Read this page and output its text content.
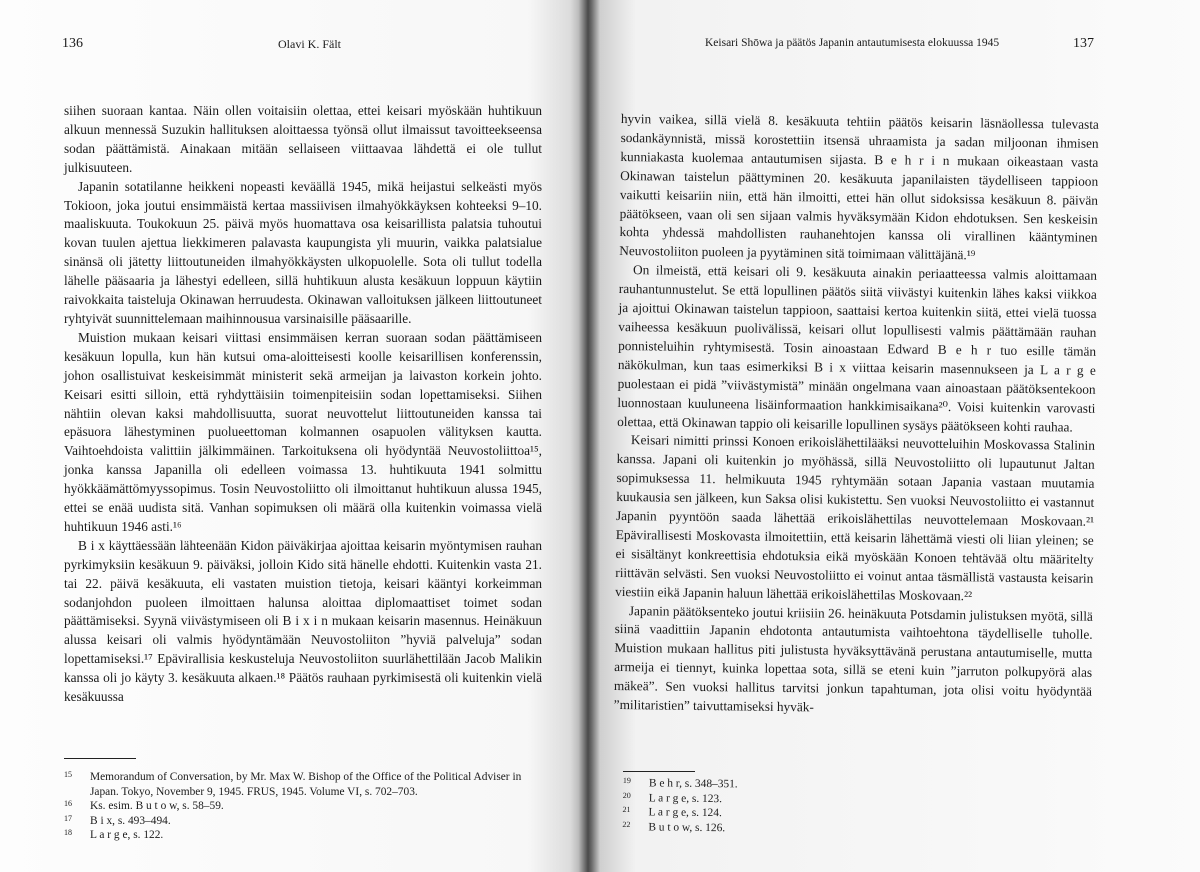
136	Olavi K. Fält

siihen suoraan kantaa. Näin ollen voitaisiin olettaa, ettei keisari myöskään huhtikuun alkuun mennessä Suzukin hallituksen aloittaessa työnsä ollut ilmaissut tavoitteekseensa sodan päättämistä. Ainakaan mitään sellaiseen viittaavaa lähdettä ei ole tullut julkisuuteen.

Japanin sotatilanne heikkeni nopeasti keväällä 1945, mikä heijastui selkeästi myös Tokioon, joka joutui ensimmäistä kertaa massiivisen ilmahyökkäyksen kohteeksi 9–10. maaliskuuta. Toukokuun 25. päivä myös huomattava osa keisarillista palatsia tuhoutui kovan tuulen ajettua liekkimeren palavasta kaupungista yli muurin, vaikka palatsialue sinänsä oli jätetty liittoutuneiden ilmahyökkäysten ulkopuolelle. Sota oli tullut todella lähelle pääsaaria ja lähestyi edelleen, sillä huhtikuun alusta kesäkuun loppuun käytiin raivokkaita taisteluja Okinawan herruudesta. Okinawan valloituksen jälkeen liittoutuneet ryhtyivät suunnittelemaan maihinnousua varsinaisille pääsaarille.

Muistion mukaan keisari viittasi ensimmäisen kerran suoraan sodan päättämiseen kesäkuun lopulla, kun hän kutsui oma-aloitteisesti koolle keisarillisen konferenssin, johon osallistuivat keskeisimmät ministerit sekä armeijan ja laivaston korkein johto. Keisari esitti silloin, että ryhdyttäisiin toimenpiteisiin sodan lopettamiseksi. Siihen nähtiin olevan kaksi mahdollisuutta, suorat neuvottelut liittoutuneiden kanssa tai epäsuora lähestyminen puolueettoman kolmannen osapuolen välityksen kautta. Vaihtoehdoista valittiin jälkimmäinen. Tarkoituksena oli hyödyntää Neuvostoliittoa¹⁵, jonka kanssa Japanilla oli edelleen voimassa 13. huhtikuuta 1941 solmittu hyökkäämättömyyssopimus. Tosin Neuvostoliitto oli ilmoittanut huhtikuun alussa 1945, ettei se enää uudista sitä. Vanhan sopimuksen oli määrä olla kuitenkin voimassa vielä huhtikuun 1946 asti.¹⁶

B i x käyttäessään lähteenään Kidon päiväkirjaa ajoittaa keisarin myöntymisen rauhan pyrkimyksiin kesäkuun 9. päiväksi, jolloin Kido sitä hänelle ehdotti. Kuitenkin vasta 21. tai 22. päivä kesäkuuta, eli vastaten muistion tietoja, keisari kääntyi korkeimman sodanjohdon puoleen ilmoittaen halunsa aloittaa diplomaattiset toimet sodan päättämiseksi. Syynä viivästymiseen oli B i x i n mukaan keisarin masennus. Heinäkuun alussa keisari oli valmis hyödyntämään Neuvostoliiton ”hyviä palveluja” sodan lopettamiseksi.¹⁷ Epävirallisia keskusteluja Neuvostoliiton suurlähettilään Jacob Malikin kanssa oli jo käyty 3. kesäkuuta alkaen.¹⁸ Päätös rauhaan pyrkimisestä oli kuitenkin vielä kesäkuussa

15 Memorandum of Conversation, by Mr. Max W. Bishop of the Office of the Political Adviser in Japan. Tokyo, November 9, 1945. FRUS, 1945. Volume VI, s. 702–703.
16 Ks. esim. B u t o w, s. 58–59.
17 B i x, s. 493–494.
18 L a r g e, s. 122.
Keisari Shōwa ja päätös Japanin antautumisesta elokuussa 1945	137

hyvin vaikea, sillä vielä 8. kesäkuuta tehtiin päätös keisarin läsnäollessa tulevasta sodankäynnistä, missä korostettiin itsensä uhraamista ja sadan miljoonan ihmisen kunniakasta kuolemaa antautumisen sijasta. B e h r i n mukaan oikeastaan vasta Okinawan taistelun päättyminen 20. kesäkuuta japanilaisten täydelliseen tappioon vaikutti keisariin niin, että hän ilmoitti, ettei hän ollut sidoksissa kesäkuun 8. päivän päätökseen, vaan oli sen sijaan valmis hyväksymään Kidon ehdotuksen. Sen keskeisin kohta yhdessä mahdollisten rauhanehtojen kanssa oli virallinen kääntyminen Neuvostoliiton puoleen ja pyytäminen sitä toimimaan välittäjänä.¹⁹

On ilmeistä, että keisari oli 9. kesäkuuta ainakin periaatteessa valmis aloittamaan rauhantunnustelut. Se että lopullinen päätös siitä viivästyi kuitenkin lähes kaksi viikkoa ja ajoittui Okinawan taistelun tappioon, saattaisi kertoa kuitenkin siitä, ettei vielä tuossa vaiheessa kesäkuun puolivälissä, keisari ollut lopullisesti valmis päättämään rauhan ponnisteluihin ryhtymisestä. Tosin ainoastaan Edward B e h r tuo esille tämän näkökulman, kun taas esimerkiksi B i x viittaa keisarin masennukseen ja L a r g e puolestaan ei pidä ”viivästymistä” minään ongelmana vaan ainoastaan päätöksentekoon luonnostaan kuuluneena lisäinformaation hankkimisaikana²⁰. Voisi kuitenkin varovasti olettaa, että Okinawan tappio oli keisarille lopullinen sysäys päätökseen kohti rauhaa.

Keisari nimitti prinssi Konoen erikoislähettilääksi neuvotteluihin Moskovassa Stalinin kanssa. Japani oli kuitenkin jo myöhässä, sillä Neuvostoliitto oli lupautunut Jaltan sopimuksessa 11. helmikuuta 1945 ryhtymään sotaan Japania vastaan muutamia kuukausia sen jälkeen, kun Saksa olisi kukistettu. Sen vuoksi Neuvostoliitto ei vastannut Japanin pyyntöön saada lähettää erikoislähettilas neuvottelemaan Moskovaan.²¹ Epävirallisesti Moskovasta ilmoitettiin, että keisarin lähettämä viesti oli liian yleinen; se ei sisältänyt konkreettisia ehdotuksia eikä myöskään Konoen tehtävää oltu määritelty riittävän selvästi. Sen vuoksi Neuvostoliitto ei voinut antaa täsmällistä vastausta keisarin viestiin eikä Japanin haluun lähettää erikoislähettilas Moskovaan.²²

Japanin päätöksenteko joutui kriisiin 26. heinäkuuta Potsdamin julistuksen myötä, sillä siinä vaadittiin Japanin ehdotonta antautumista vaihtoehtona täydelliselle tuholle. Muistion mukaan hallitus piti julistusta hyväksyttävänä perustana antautumiselle, mutta armeija ei tiennyt, kuinka lopettaa sota, sillä se eteni kuin ”jarruton polkupyörä alas mäkeä”. Sen vuoksi hallitus tarvitsi jonkun tapahtuman, jota olisi voitu hyödyntää ”militaristien” taivuttamiseksi hyväk-

19 B e h r, s. 348–351.
20 L a r g e, s. 123.
21 L a r g e, s. 124.
22 B u t o w, s. 126.
